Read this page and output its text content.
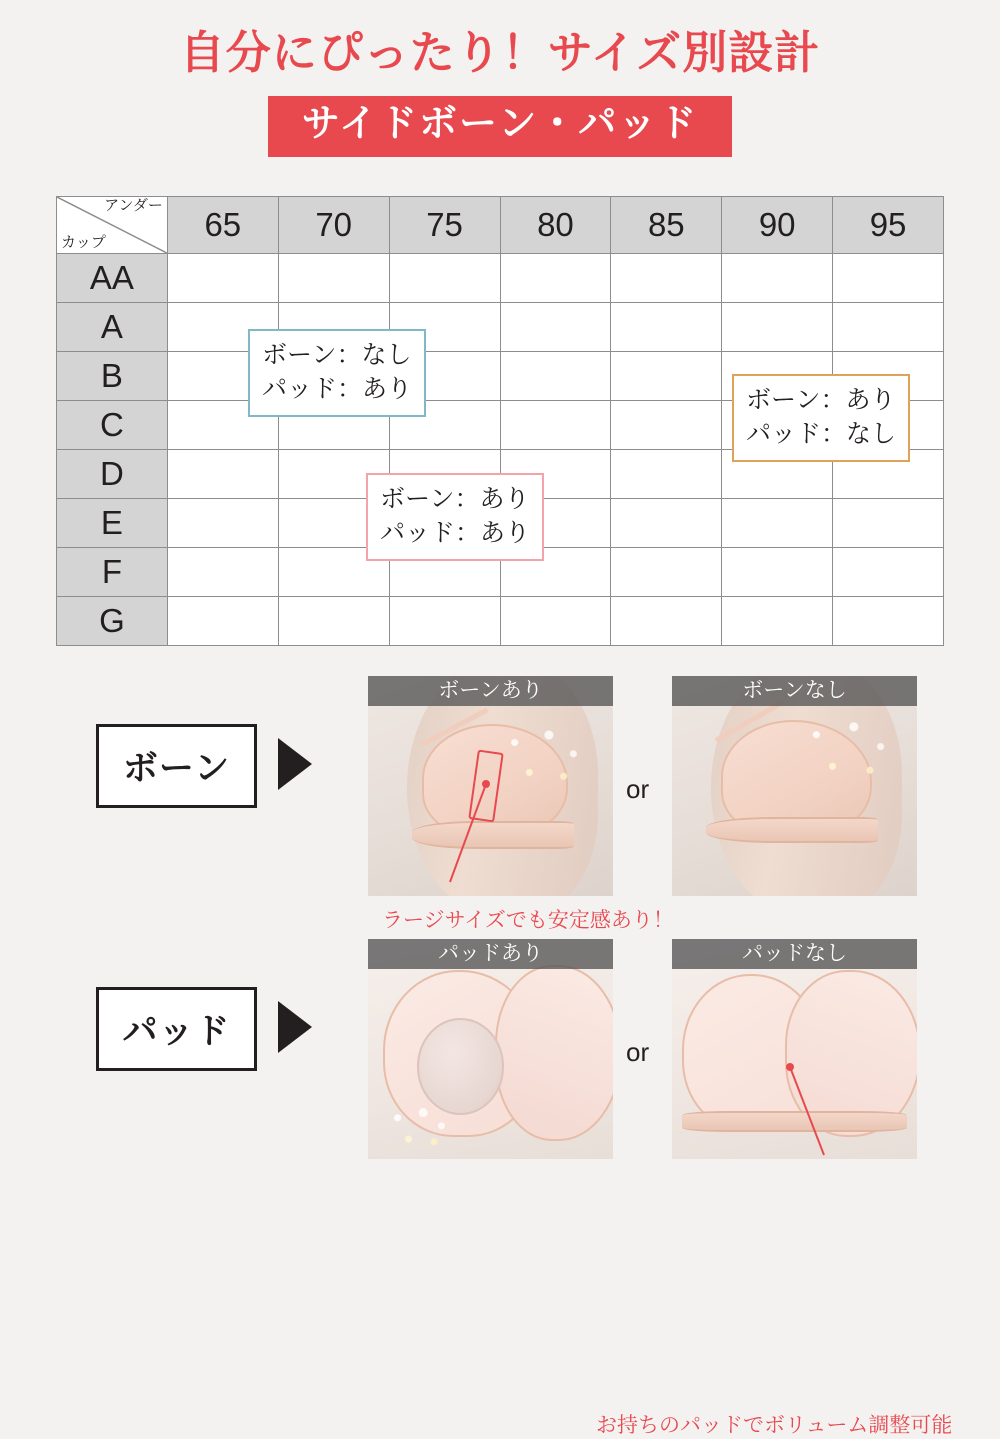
自分にぴったり！サイズ別設計
サイドボーン・パッド
アンダー
カップ	65	70	75	80	85	90	95
AA							
A							
B							
C							
D							
E							
F							
G							
ボーン：なし
パッド：あり
ボーン：あり
パッド：あり
ボーン：あり
パッド：なし
ボーン
ボーンあり
or
ボーンなし
ラージサイズでも安定感あり！
パッド
パッドあり
or
パッドなし
お持ちのパッドでボリューム調整可能
